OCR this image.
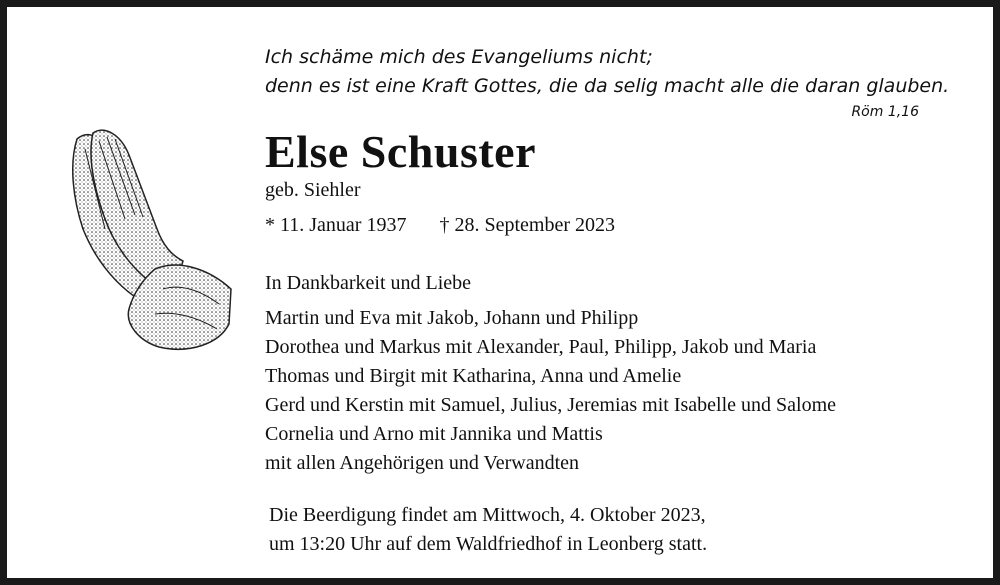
Ich schäme mich des Evangeliums nicht;
denn es ist eine Kraft Gottes, die da selig macht alle die daran glauben.
Röm 1,16
Else Schuster
geb. Siehler
* 11. Januar 1937 † 28. September 2023
In Dankbarkeit und Liebe
Martin und Eva mit Jakob, Johann und Philipp
Dorothea und Markus mit Alexander, Paul, Philipp, Jakob und Maria
Thomas und Birgit mit Katharina, Anna und Amelie
Gerd und Kerstin mit Samuel, Julius, Jeremias mit Isabelle und Salome
Cornelia und Arno mit Jannika und Mattis
mit allen Angehörigen und Verwandten
Die Beerdigung findet am Mittwoch, 4. Oktober 2023,
um 13:20 Uhr auf dem Waldfriedhof in Leonberg statt.
